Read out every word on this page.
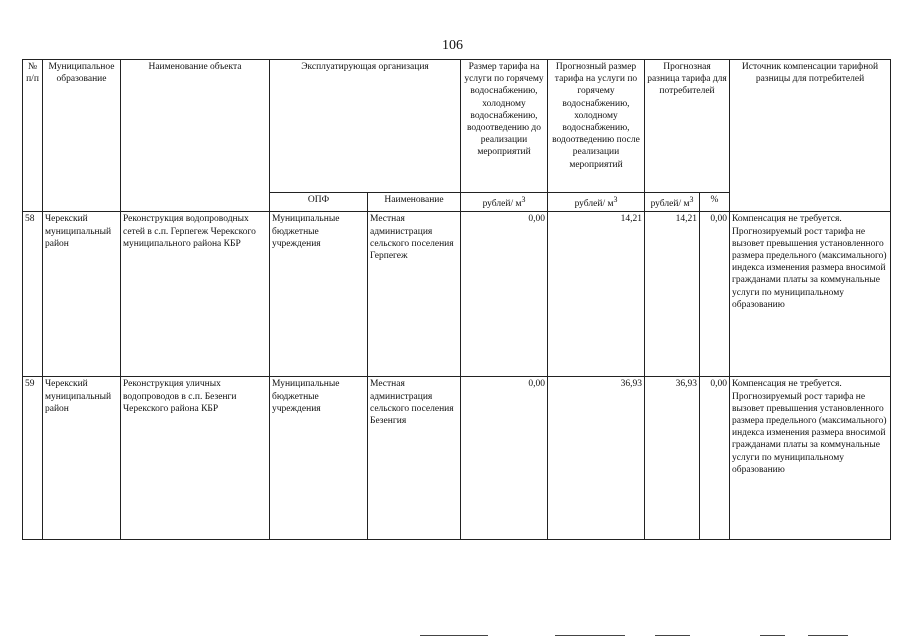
106
№ п/п	Муниципальное образование	Наименование объекта	Эксплуатирующая организация		Размер тарифа на услуги по горячему водоснабжению, холодному водоснабжению, водоотведению до реализации мероприятий	Прогнозный размер тарифа на услуги по горячему водоснабжению, холодному водоснабжению, водоотведению после реализации мероприятий	Прогнозная разница тарифа для потребителей		Источник компенсации тарифной разницы для потребителей
			ОПФ	Наименование	рублей/ $м^3$	рублей/ $м^3$	рублей/ $м^3$	%	
58	Черекский муниципальный район	Реконструкция водопроводных сетей в с.п. Герпегеж Черекского муниципального района КБР	Муниципальные бюджетные учреждения	Местная администрация сельского поселения Герпегеж	0,00	14,21	14,21	0,00	Компенсация не требуется. Прогнозируемый рост тарифа не вызовет превышения установленного размера предельного (максимального) индекса изменения размера вносимой гражданами платы за коммунальные услуги по муниципальному образованию
59	Черекский муниципальный район	Реконструкция уличных водопроводов в с.п. Безенги Черекского района КБР	Муниципальные бюджетные учреждения	Местная администрация сельского поселения Безенгия	0,00	36,93	36,93	0,00	Компенсация не требуется. Прогнозируемый рост тарифа не вызовет превышения установленного размера предельного (максимального) индекса изменения размера вносимой гражданами платы за коммунальные услуги по муниципальному образованию
